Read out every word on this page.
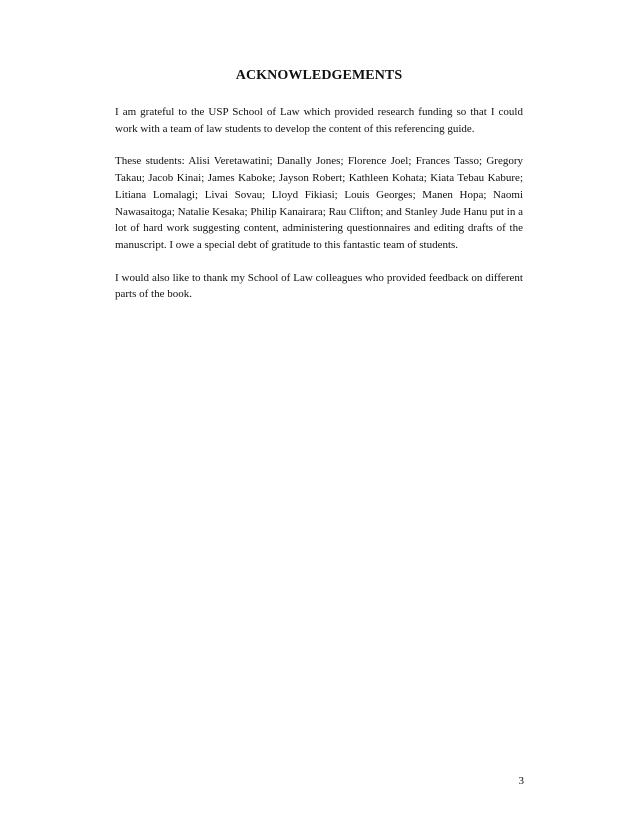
ACKNOWLEDGEMENTS

I am grateful to the USP School of Law which provided research funding so that I could work with a team of law students to develop the content of this referencing guide.

These students: Alisi Veretawatini; Danally Jones; Florence Joel; Frances Tasso; Gregory Takau; Jacob Kinai; James Kaboke; Jayson Robert; Kathleen Kohata; Kiata Tebau Kabure; Litiana Lomalagi; Livai Sovau; Lloyd Fikiasi; Louis Georges; Manen Hopa; Naomi Nawasaitoga; Natalie Kesaka; Philip Kanairara; Rau Clifton; and Stanley Jude Hanu put in a lot of hard work suggesting content, administering questionnaires and editing drafts of the manuscript. I owe a special debt of gratitude to this fantastic team of students.

I would also like to thank my School of Law colleagues who provided feedback on different parts of the book.

3
